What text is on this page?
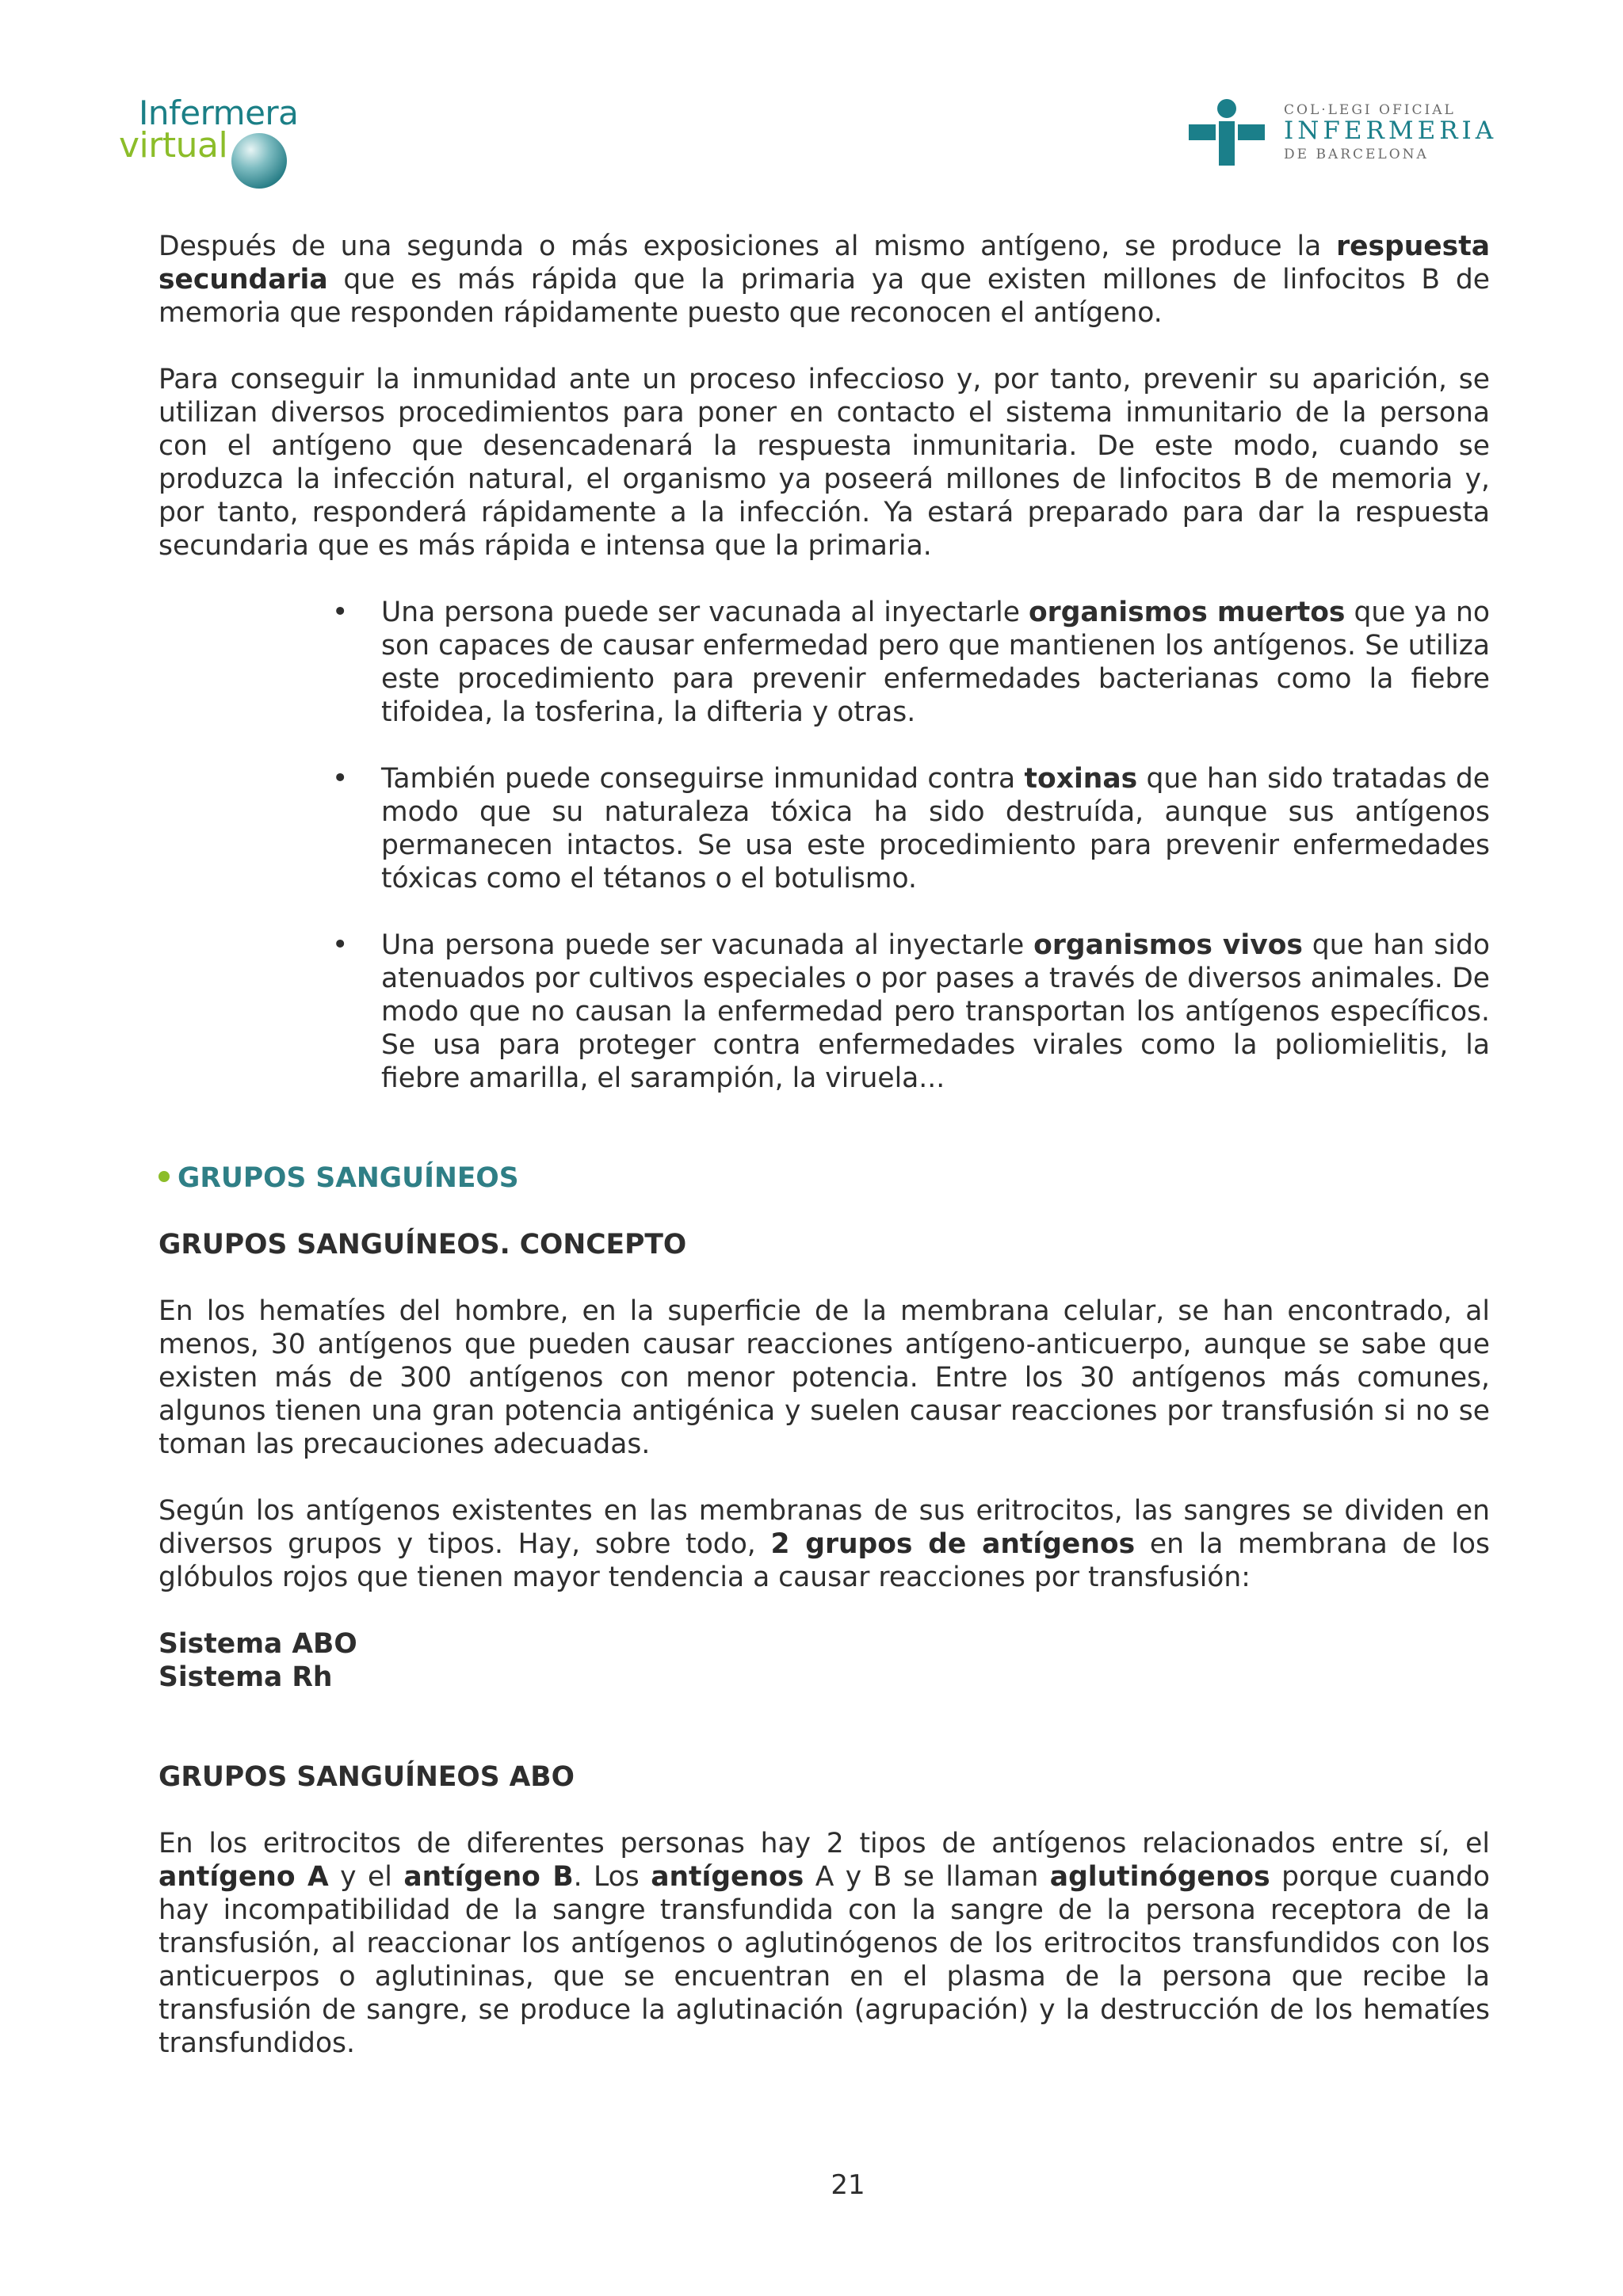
Infermera
virtual
COL·LEGI OFICIAL
INFERMERIA
DE BARCELONA

Después de una segunda o más exposiciones al mismo antígeno, se produce la respuesta secundaria que es más rápida que la primaria ya que existen millones de linfocitos B de memoria que responden rápidamente puesto que reconocen el antígeno.

Para conseguir la inmunidad ante un proceso infeccioso y, por tanto, prevenir su aparición, se utilizan diversos procedimientos para poner en contacto el sistema inmunitario de la persona con el antígeno que desencadenará la respuesta inmunitaria. De este modo, cuando se produzca la infección natural, el organismo ya poseerá millones de linfocitos B de memoria y, por tanto, responderá rápidamente a la infección. Ya estará preparado para dar la respuesta secundaria que es más rápida e intensa que la primaria.

• Una persona puede ser vacunada al inyectarle organismos muertos que ya no son capaces de causar enfermedad pero que mantienen los antígenos. Se utiliza este procedimiento para prevenir enfermedades bacterianas como la fiebre tifoidea, la tosferina, la difteria y otras.
• También puede conseguirse inmunidad contra toxinas que han sido tratadas de modo que su naturaleza tóxica ha sido destruída, aunque sus antígenos permanecen intactos. Se usa este procedimiento para prevenir enfermedades tóxicas como el tétanos o el botulismo.
• Una persona puede ser vacunada al inyectarle organismos vivos que han sido atenuados por cultivos especiales o por pases a través de diversos animales. De modo que no causan la enfermedad pero transportan los antígenos específicos. Se usa para proteger contra enfermedades virales como la poliomielitis, la fiebre amarilla, el sarampión, la viruela...
GRUPOS SANGUÍNEOS
GRUPOS SANGUÍNEOS. CONCEPTO

En los hematíes del hombre, en la superficie de la membrana celular, se han encontrado, al menos, 30 antígenos que pueden causar reacciones antígeno-anticuerpo, aunque se sabe que existen más de 300 antígenos con menor potencia. Entre los 30 antígenos más comunes, algunos tienen una gran potencia antigénica y suelen causar reacciones por transfusión si no se toman las precauciones adecuadas.

Según los antígenos existentes en las membranas de sus eritrocitos, las sangres se dividen en diversos grupos y tipos. Hay, sobre todo, 2 grupos de antígenos en la membrana de los glóbulos rojos que tienen mayor tendencia a causar reacciones por transfusión:

Sistema ABO
Sistema Rh
GRUPOS SANGUÍNEOS ABO

En los eritrocitos de diferentes personas hay 2 tipos de antígenos relacionados entre sí, el antígeno A y el antígeno B. Los antígenos A y B se llaman aglutinógenos porque cuando hay incompatibilidad de la sangre transfundida con la sangre de la persona receptora de la transfusión, al reaccionar los antígenos o aglutinógenos de los eritrocitos transfundidos con los anticuerpos o aglutininas, que se encuentran en el plasma de la persona que recibe la transfusión de sangre, se produce la aglutinación (agrupación) y la destrucción de los hematíes transfundidos.

21
